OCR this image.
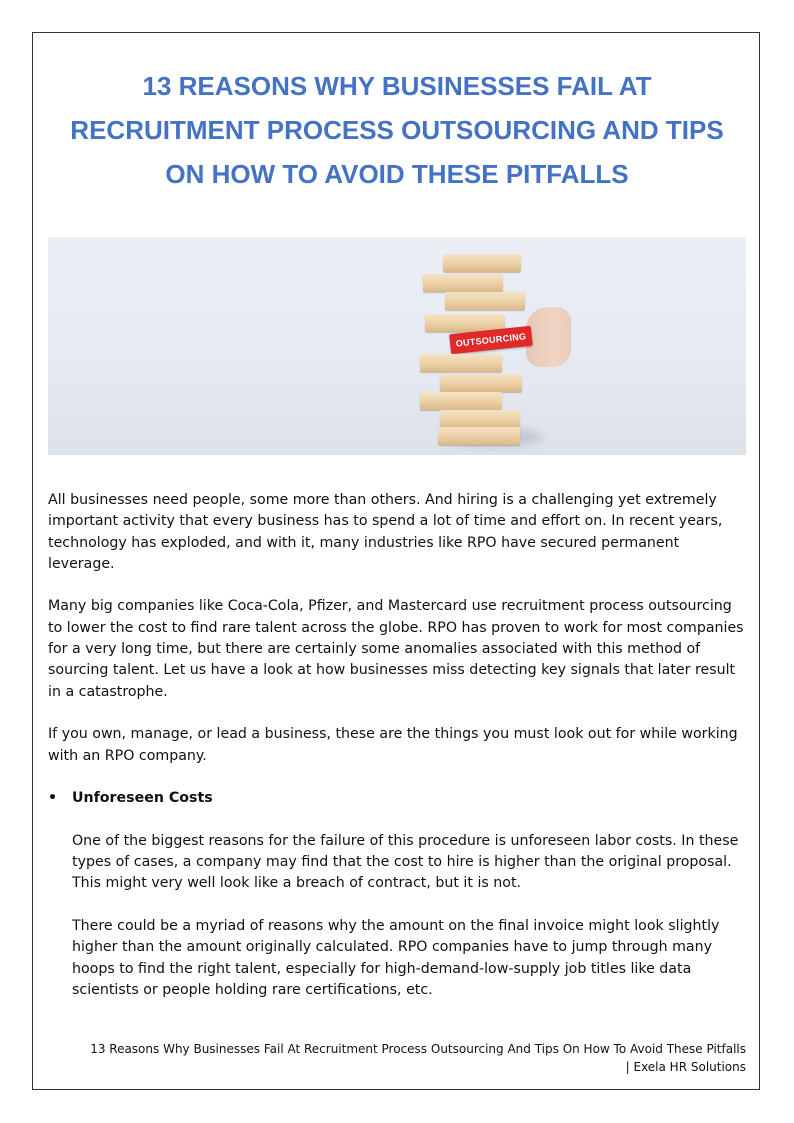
13 REASONS WHY BUSINESSES FAIL AT RECRUITMENT PROCESS OUTSOURCING AND TIPS ON HOW TO AVOID THESE PITFALLS
OUTSOURCING

All businesses need people, some more than others. And hiring is a challenging yet extremely important activity that every business has to spend a lot of time and effort on. In recent years, technology has exploded, and with it, many industries like RPO have secured permanent leverage.

Many big companies like Coca-Cola, Pfizer, and Mastercard use recruitment process outsourcing to lower the cost to find rare talent across the globe. RPO has proven to work for most companies for a very long time, but there are certainly some anomalies associated with this method of sourcing talent. Let us have a look at how businesses miss detecting key signals that later result in a catastrophe.

If you own, manage, or lead a business, these are the things you must look out for while working with an RPO company.

• Unforeseen Costs

One of the biggest reasons for the failure of this procedure is unforeseen labor costs. In these types of cases, a company may find that the cost to hire is higher than the original proposal. This might very well look like a breach of contract, but it is not.

There could be a myriad of reasons why the amount on the final invoice might look slightly higher than the amount originally calculated. RPO companies have to jump through many hoops to find the right talent, especially for high-demand-low-supply job titles like data scientists or people holding rare certifications, etc.

13 Reasons Why Businesses Fail At Recruitment Process Outsourcing And Tips On How To Avoid These Pitfalls
| Exela HR Solutions
